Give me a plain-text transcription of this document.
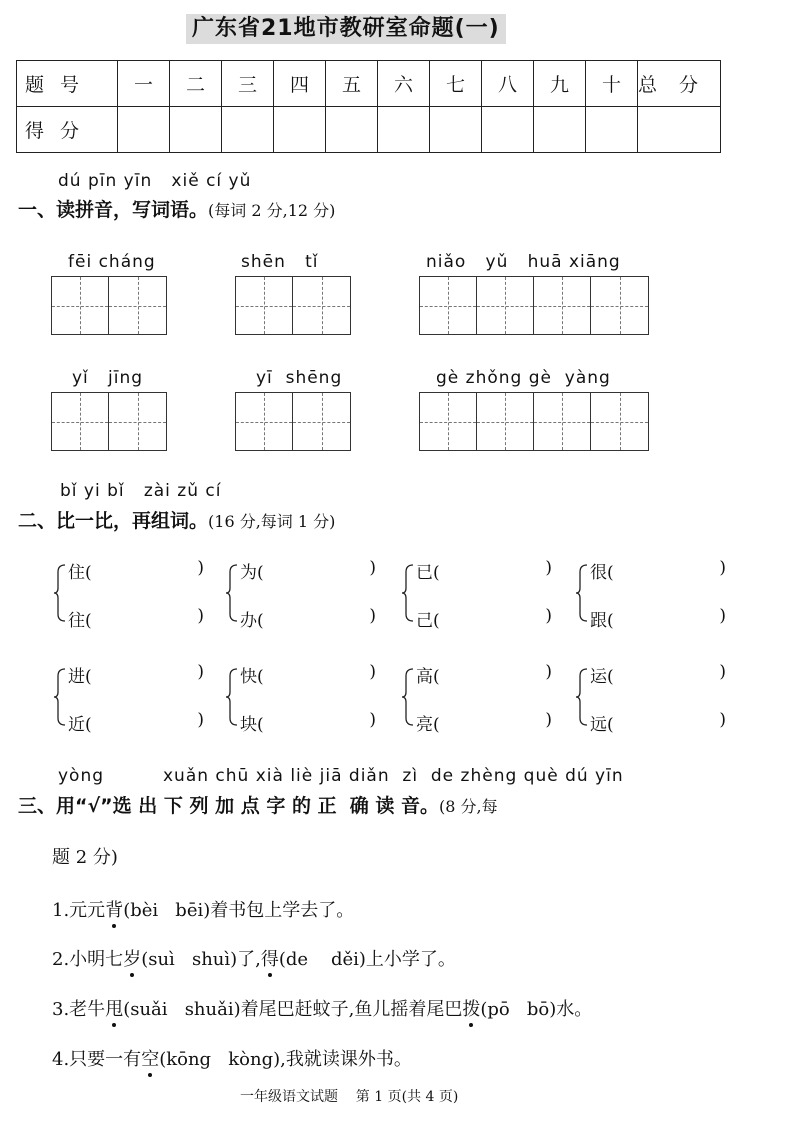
广东省21地市教研室命题(一)
题号	一	二	三	四	五	六	七	八	九	十	总分
得分											
dú pīn yīn   xiě cí yǔ
一、读拼音，写词语。(每词 2 分,12 分)
fēi cháng	shēn   tǐ	niǎo   yǔ   huā xiāng
yǐ   jīng	yī  shēng	gè zhǒng gè  yàng
bǐ yi bǐ   zài zǔ cí
二、比一比，再组词。(16 分,每词 1 分)
住(	)
往(	)
为(	)
办(	)
已(	)
己(	)
很(	)
跟(	)
进(	)
近(	)
快(	)
块(	)
高(	)
亮(	)
运(	)
远(	)
yòng	xuǎn chū xià liè jiā diǎn  zì  de zhèng què dú yīn
三、用“√”选 出 下 列 加 点 字 的 正  确 读 音。(8 分,每
题 2 分)
1.元元背(bèi   bēi)着书包上学去了。
2.小明七岁(suì   shuì)了,得(de    děi)上小学了。
3.老牛甩(suǎi   shuǎi)着尾巴赶蚊子,鱼儿摇着尾巴拨(pō   bō)水。
4.只要一有空(kōng   kòng),我就读课外书。
一年级语文试题    第 1 页(共 4 页)
